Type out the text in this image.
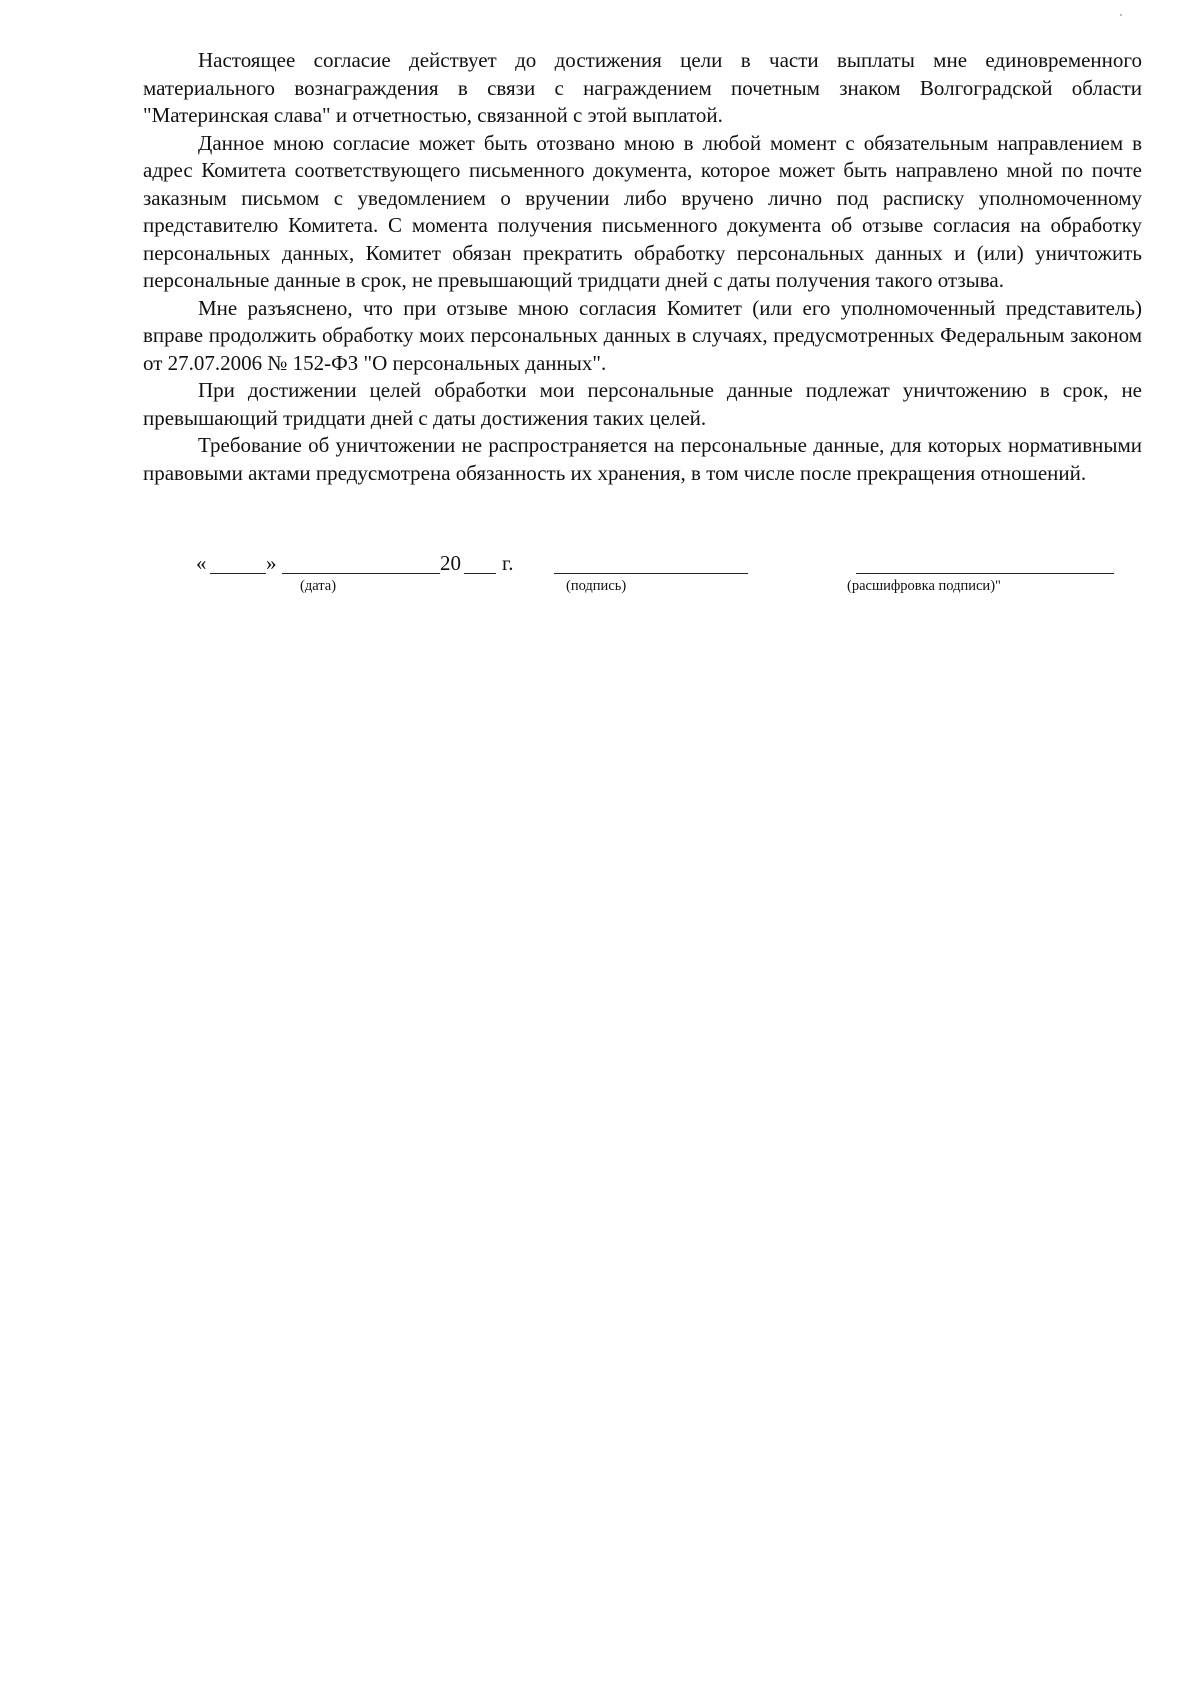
Настоящее согласие действует до достижения цели в части выплаты мне единовременного материального вознаграждения в связи с награждением почетным знаком Волгоградской области "Материнская слава" и отчетностью, связанной с этой выплатой.

Данное мною согласие может быть отозвано мною в любой момент с обязательным направлением в адрес Комитета соответствующего письменного документа, которое может быть направлено мной по почте заказным письмом с уведомлением о вручении либо вручено лично под расписку уполномоченному представителю Комитета. С момента получения письменного документа об отзыве согласия на обработку персональных данных, Комитет обязан прекратить обработку персональных данных и (или) уничтожить персональные данные в срок, не превышающий тридцати дней с даты получения такого отзыва.

Мне разъяснено, что при отзыве мною согласия Комитет (или его уполномоченный представитель) вправе продолжить обработку моих персональных данных в случаях, предусмотренных Федеральным законом от 27.07.2006 № 152-ФЗ "О персональных данных".

При достижении целей обработки мои персональные данные подлежат уничтожению в срок, не превышающий тридцати дней с даты достижения таких целей.

Требование об уничтожении не распространяется на персональные данные, для которых нормативными правовыми актами предусмотрена обязанность их хранения, в том числе после прекращения отношений.

«	»	20 г.
(дата)	(подпись)	(расшифровка подписи)"
